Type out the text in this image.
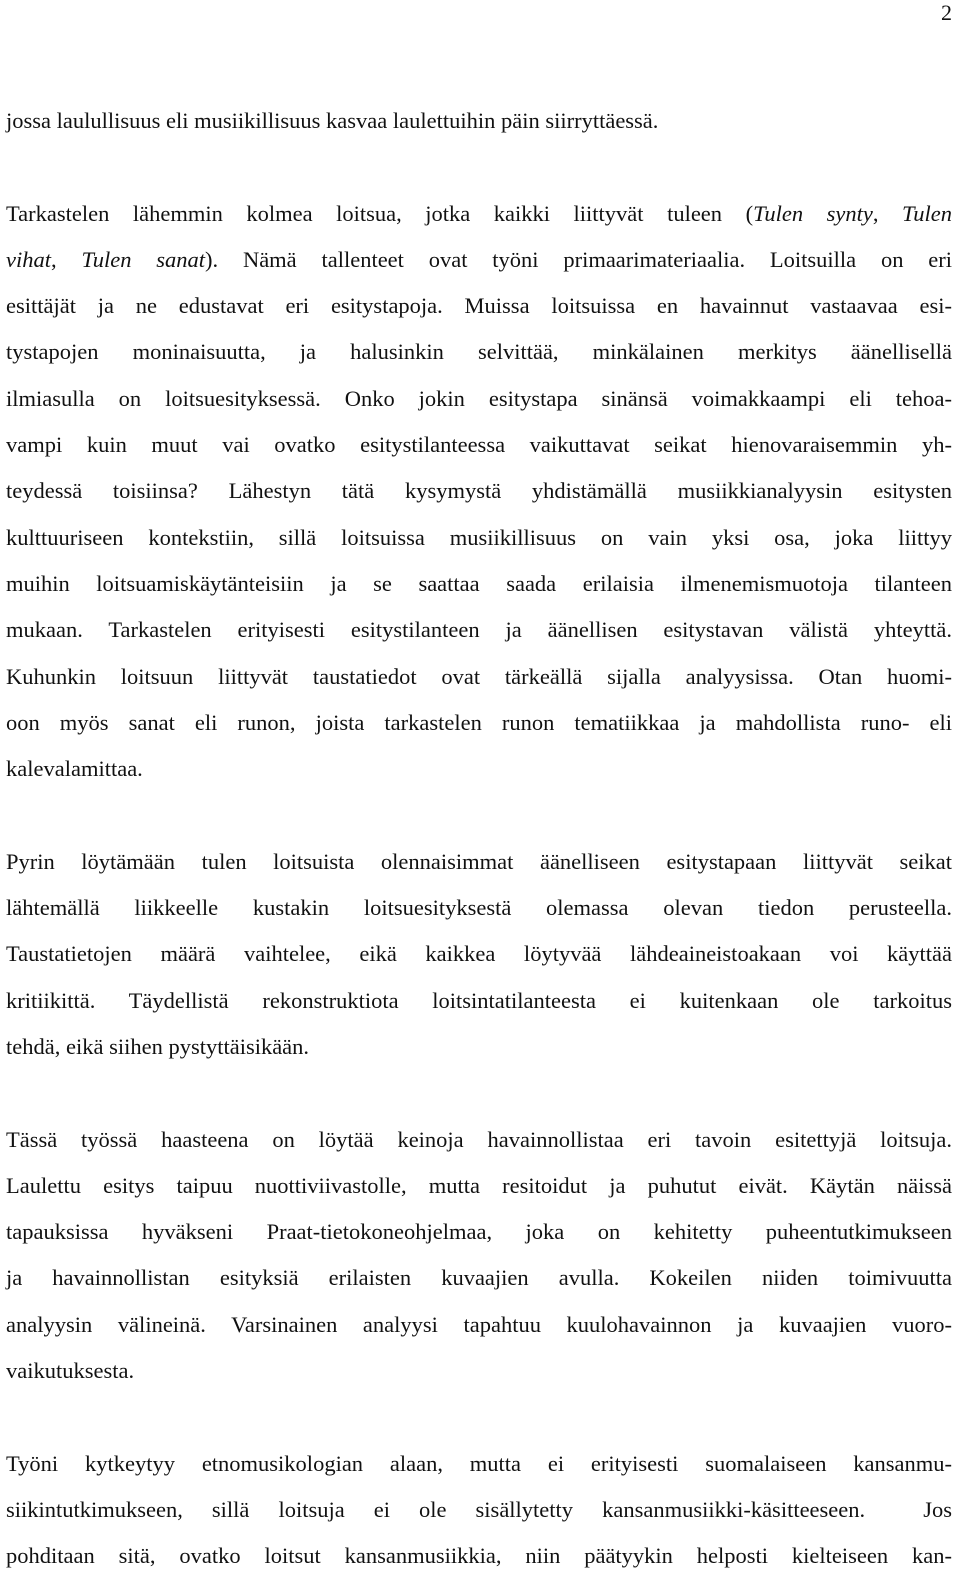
2
jossa laulullisuus eli musiikillisuus kasvaa laulettuihin päin siirryttäessä.
Tarkastelen lähemmin kolmea loitsua, jotka kaikki liittyvät tuleen (Tulen synty, Tulen
vihat, Tulen sanat). Nämä tallenteet ovat työni primaarimateriaalia. Loitsuilla on eri
esittäjät ja ne edustavat eri esitystapoja. Muissa loitsuissa en havainnut vastaavaa esi-
tystapojen moninaisuutta, ja halusinkin selvittää, minkälainen merkitys äänellisellä
ilmiasulla on loitsuesityksessä. Onko jokin esitystapa sinänsä voimakkaampi eli tehoa-
vampi kuin muut vai ovatko esitystilanteessa vaikuttavat seikat hienovaraisemmin yh-
teydessä toisiinsa? Lähestyn tätä kysymystä yhdistämällä musiikkianalyysin esitysten
kulttuuriseen kontekstiin, sillä loitsuissa musiikillisuus on vain yksi osa, joka liittyy
muihin loitsuamiskäytänteisiin ja se saattaa saada erilaisia ilmenemismuotoja tilanteen
mukaan. Tarkastelen erityisesti esitystilanteen ja äänellisen esitystavan välistä yhteyttä.
Kuhunkin loitsuun liittyvät taustatiedot ovat tärkeällä sijalla analyysissa. Otan huomi-
oon myös sanat eli runon, joista tarkastelen runon tematiikkaa ja mahdollista runo- eli
kalevalamittaa.
Pyrin löytämään tulen loitsuista olennaisimmat äänelliseen esitystapaan liittyvät seikat
lähtemällä liikkeelle kustakin loitsuesityksestä olemassa olevan tiedon perusteella.
Taustatietojen määrä vaihtelee, eikä kaikkea löytyvää lähdeaineistoakaan voi käyttää
kritiikittä. Täydellistä rekonstruktiota loitsintatilanteesta ei kuitenkaan ole tarkoitus
tehdä, eikä siihen pystyttäisikään.
Tässä työssä haasteena on löytää keinoja havainnollistaa eri tavoin esitettyjä loitsuja.
Laulettu esitys taipuu nuottiviivastolle, mutta resitoidut ja puhutut eivät. Käytän näissä
tapauksissa hyväkseni Praat-tietokoneohjelmaa, joka on kehitetty puheentutkimukseen
ja havainnollistan esityksiä erilaisten kuvaajien avulla. Kokeilen niiden toimivuutta
analyysin välineinä. Varsinainen analyysi tapahtuu kuulohavainnon ja kuvaajien vuoro-
vaikutuksesta.
Työni kytkeytyy etnomusikologian alaan, mutta ei erityisesti suomalaiseen kansanmu-
siikintutkimukseen, sillä loitsuja ei ole sisällytetty kansanmusiikki-käsitteeseen.  Jos
pohditaan sitä, ovatko loitsut kansanmusiikkia, niin päätyykin helposti kielteiseen kan-
